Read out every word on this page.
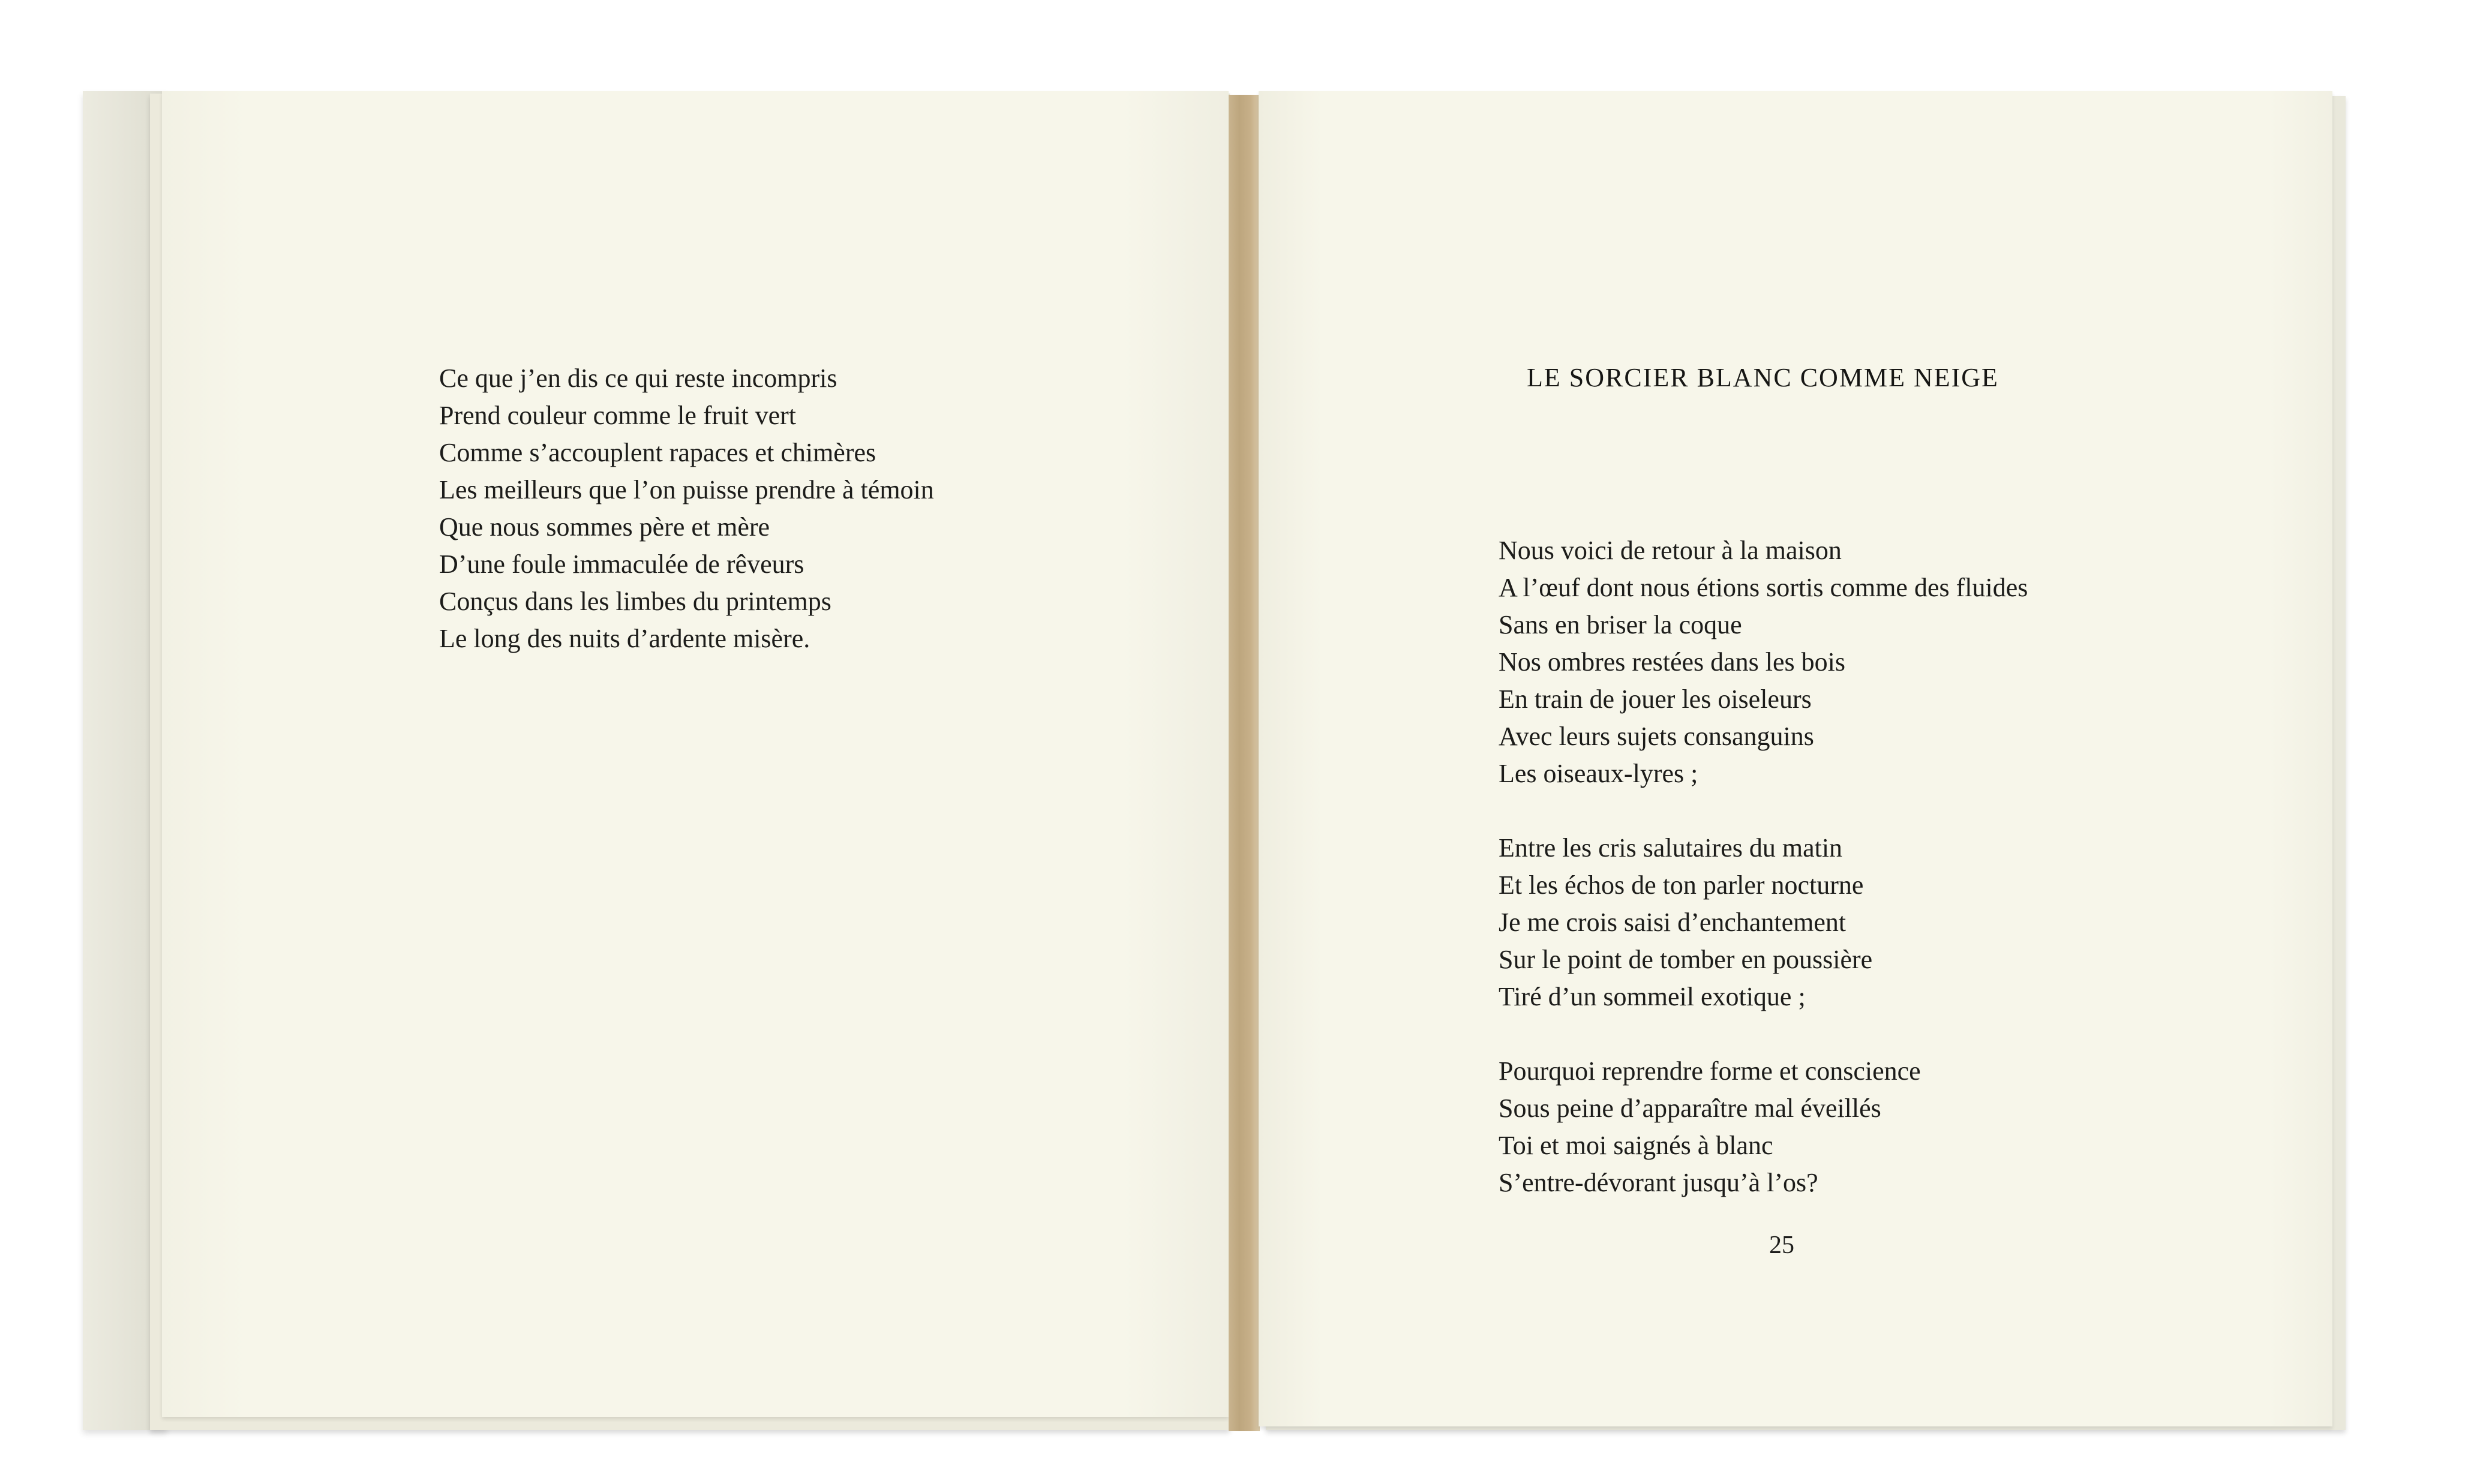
Ce que j’en dis ce qui reste incompris
Prend couleur comme le fruit vert
Comme s’accouplent rapaces et chimères
Les meilleurs que l’on puisse prendre à témoin
Que nous sommes père et mère
D’une foule immaculée de rêveurs
Conçus dans les limbes du printemps
Le long des nuits d’ardente misère.
LE SORCIER BLANC COMME NEIGE
Nous voici de retour à la maison
A l’œuf dont nous étions sortis comme des fluides
Sans en briser la coque
Nos ombres restées dans les bois
En train de jouer les oiseleurs
Avec leurs sujets consanguins
Les oiseaux-lyres ;
Entre les cris salutaires du matin
Et les échos de ton parler nocturne
Je me crois saisi d’enchantement
Sur le point de tomber en poussière
Tiré d’un sommeil exotique ;
Pourquoi reprendre forme et conscience
Sous peine d’apparaître mal éveillés
Toi et moi saignés à blanc
S’entre-dévorant jusqu’à l’os?
25
